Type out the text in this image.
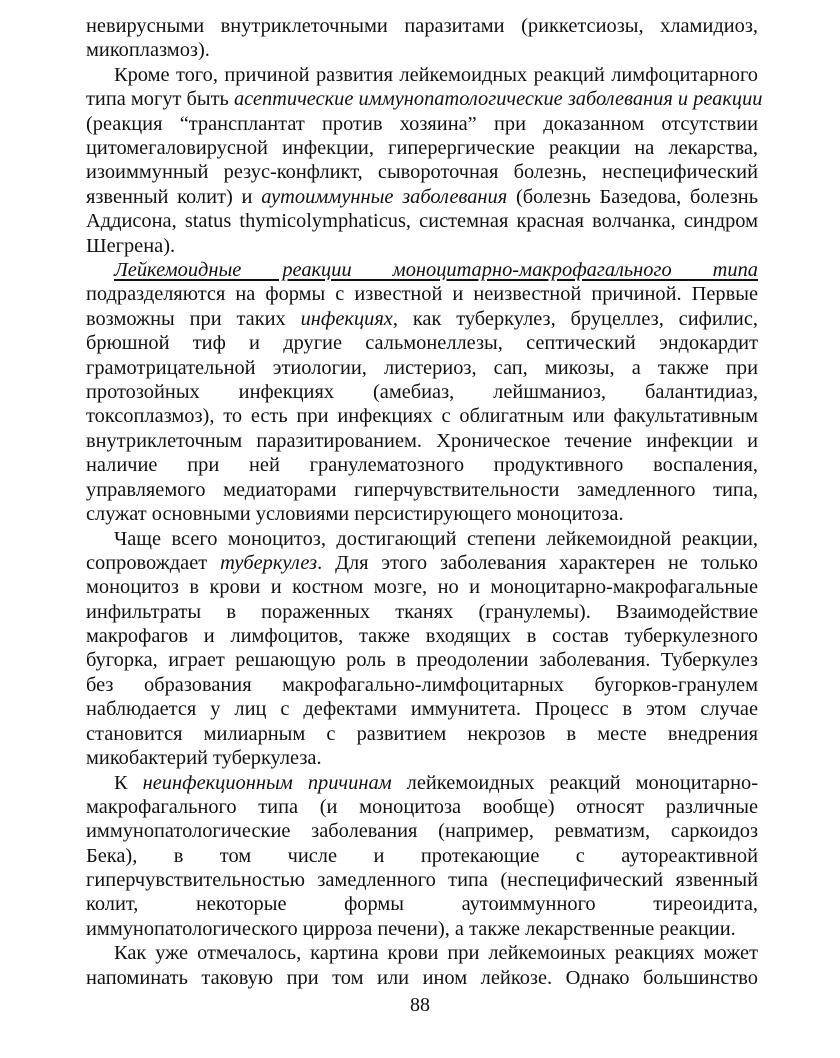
невирусными внутриклеточными паразитами (риккетсиозы, хламидиоз,
микоплазмоз).
Кроме того, причиной развития лейкемоидных реакций лимфоцитарного
типа могут быть асептические иммунопатологические заболевания и реакции
(реакция “трансплантат против хозяина” при доказанном отсутствии
цитомегаловирусной инфекции, гиперергические реакции на лекарства,
изоиммунный резус-конфликт, сывороточная болезнь, неспецифический
язвенный колит) и аутоиммунные заболевания (болезнь Базедова, болезнь
Аддисона, status thymicolymphaticus, системная красная волчанка, синдром
Шегрена).
Лейкемоидные реакции моноцитарно-макрофагального типа
подразделяются на формы с известной и неизвестной причиной. Первые
возможны при таких инфекциях, как туберкулез, бруцеллез, сифилис,
брюшной тиф и другие сальмонеллезы, септический эндокардит
грамотрицательной этиологии, листериоз, сап, микозы, а также при
протозойных инфекциях (амебиаз, лейшманиоз, балантидиаз,
токсоплазмоз), то есть при инфекциях с облигатным или факультативным
внутриклеточным паразитированием. Хроническое течение инфекции и
наличие при ней гранулематозного продуктивного воспаления,
управляемого медиаторами гиперчувствительности замедленного типа,
служат основными условиями персистирующего моноцитоза.
Чаще всего моноцитоз, достигающий степени лейкемоидной реакции,
сопровождает туберкулез. Для этого заболевания характерен не только
моноцитоз в крови и костном мозге, но и моноцитарно-макрофагальные
инфильтраты в пораженных тканях (гранулемы). Взаимодействие
макрофагов и лимфоцитов, также входящих в состав туберкулезного
бугорка, играет решающую роль в преодолении заболевания. Туберкулез
без образования макрофагально-лимфоцитарных бугорков-гранулем
наблюдается у лиц с дефектами иммунитета. Процесс в этом случае
становится милиарным с развитием некрозов в месте внедрения
микобактерий туберкулеза.
К неинфекционным причинам лейкемоидных реакций моноцитарно-
макрофагального типа (и моноцитоза вообще) относят различные
иммунопатологические заболевания (например, ревматизм, саркоидоз
Бека), в том числе и протекающие с аутореактивной
гиперчувствительностью замедленного типа (неспецифический язвенный
колит, некоторые формы аутоиммунного тиреоидита,
иммунопатологического цирроза печени), а также лекарственные реакции.
Как уже отмечалось, картина крови при лейкемоиных реакциях может
напоминать таковую при том или ином лейкозе. Однако большинство
88
